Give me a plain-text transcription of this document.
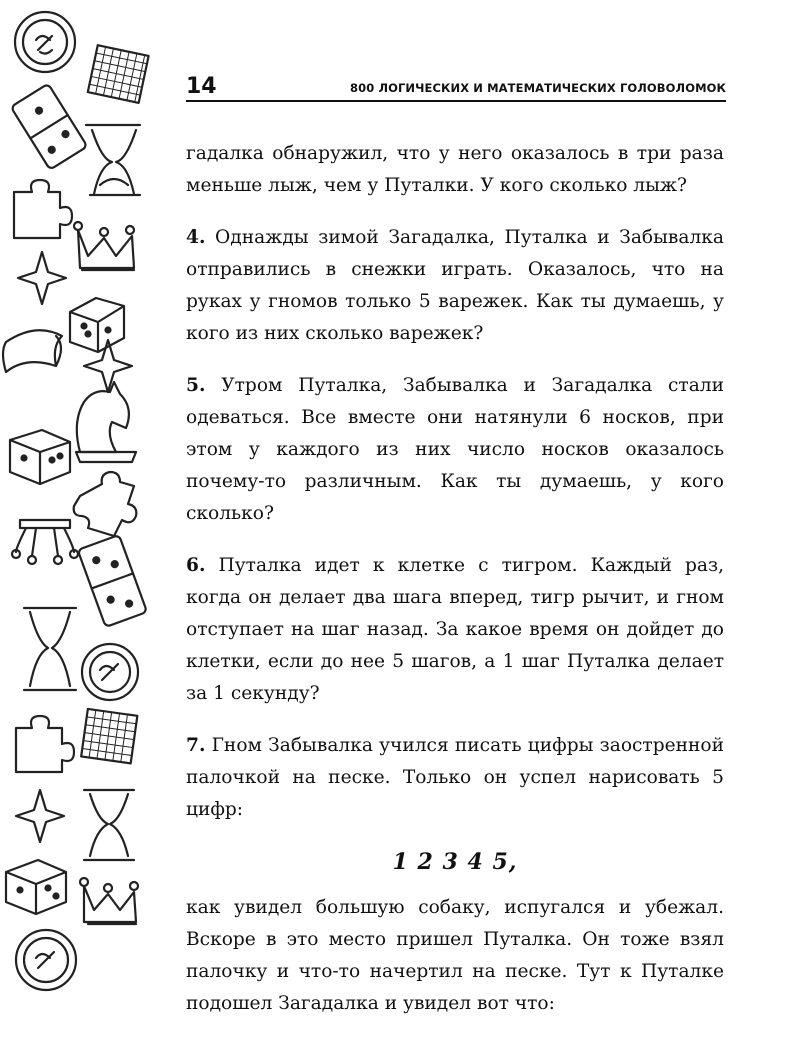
14	800 ЛОГИЧЕСКИХ И МАТЕМАТИЧЕСКИХ ГОЛОВОЛОМОК

гадалка обнаружил, что у него оказалось в три раза меньше лыж, чем у Путалки. У кого сколько лыж?

4. Однажды зимой Загадалка, Путалка и Забывалка отправились в снежки играть. Оказалось, что на руках у гномов только 5 варежек. Как ты думаешь, у кого из них сколько варежек?

5. Утром Путалка, Забывалка и Загадалка стали одеваться. Все вместе они натянули 6 носков, при этом у каждого из них число носков оказалось почему-то различным. Как ты думаешь, у кого сколько?

6. Путалка идет к клетке с тигром. Каждый раз, когда он делает два шага вперед, тигр рычит, и гном отступает на шаг назад. За какое время он дойдет до клетки, если до нее 5 шагов, а 1 шаг Путалка делает за 1 секунду?

7. Гном Забывалка учился писать цифры заостренной палочкой на песке. Только он успел нарисовать 5 цифр:

1 2 3 4 5,

как увидел большую собаку, испугался и убежал. Вскоре в это место пришел Путалка. Он тоже взял палочку и что-то начертил на песке. Тут к Путалке подошел Загадалка и увидел вот что:
